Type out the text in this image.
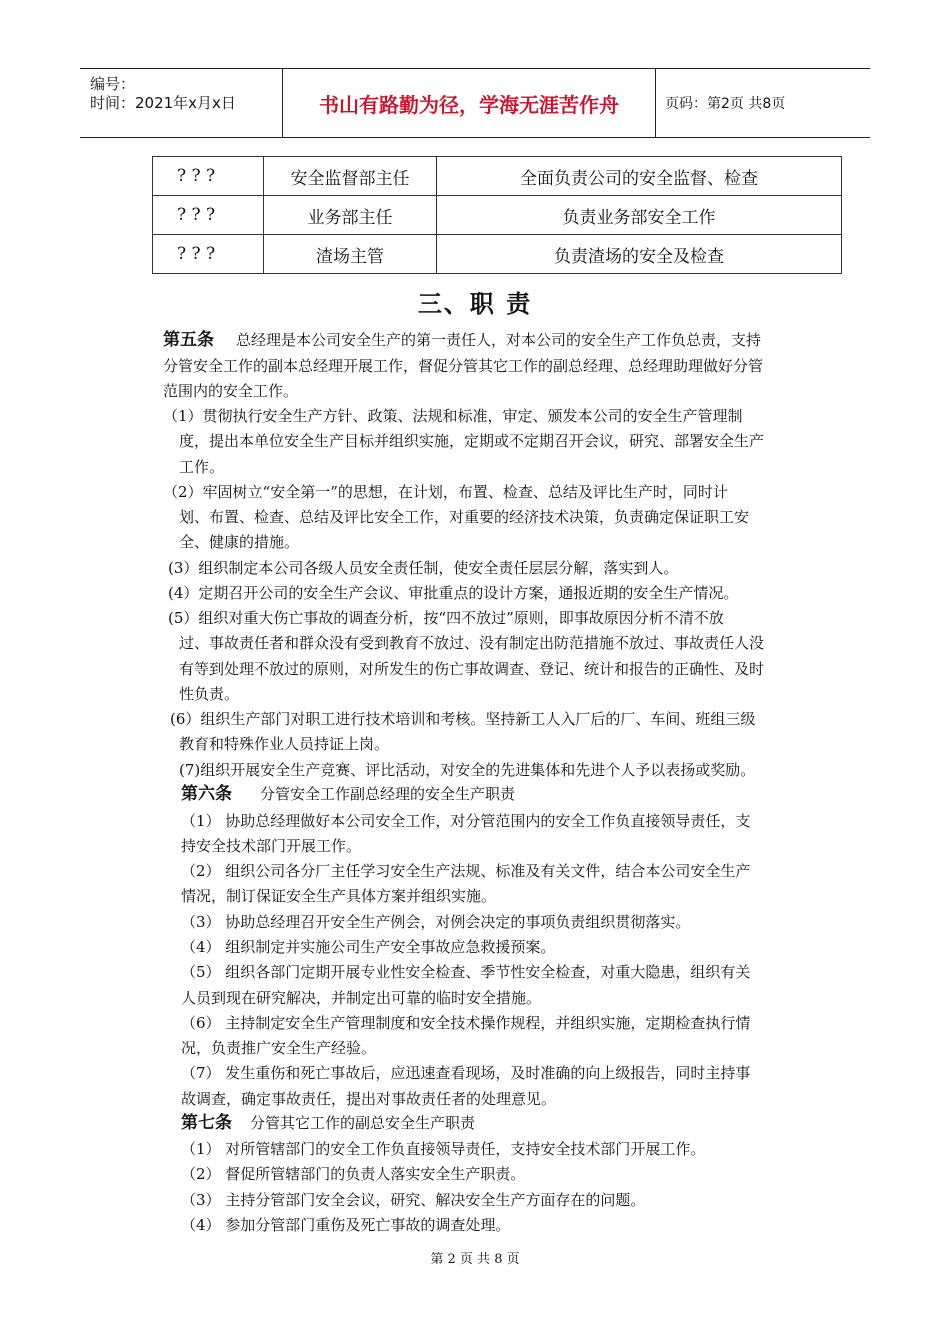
编号：
时间：2021年x月x日	书山有路勤为径，学海无涯苦作舟	页码：第2页 共8页
? ? ?	安全监督部主任	全面负责公司的安全监督、检查
? ? ?	业务部主任	负责业务部安全工作
? ? ?	渣场主管	负责渣场的安全及检查
三、职 责
第五条 总经理是本公司安全生产的第一责任人，对本公司的安全生产工作负总责，支持
分管安全工作的副本总经理开展工作，督促分管其它工作的副总经理、总经理助理做好分管
范围内的安全工作。
（1）贯彻执行安全生产方针、政策、法规和标准，审定、颁发本公司的安全生产管理制
度，提出本单位安全生产目标并组织实施，定期或不定期召开会议，研究、部署安全生产
工作。
（2）牢固树立“安全第一”的思想，在计划，布置、检查、总结及评比生产时，同时计
划、布置、检查、总结及评比安全工作，对重要的经济技术决策，负责确定保证职工安
全、健康的措施。
(3）组织制定本公司各级人员安全责任制，使安全责任层层分解，落实到人。
(4）定期召开公司的安全生产会议、审批重点的设计方案，通报近期的安全生产情况。
(5）组织对重大伤亡事故的调查分析，按“四不放过”原则，即事故原因分析不清不放
过、事故责任者和群众没有受到教育不放过、没有制定出防范措施不放过、事故责任人没
有等到处理不放过的原则，对所发生的伤亡事故调查、登记、统计和报告的正确性、及时
性负责。
(6）组织生产部门对职工进行技术培训和考核。坚持新工人入厂后的厂、车间、班组三级
教育和特殊作业人员持证上岗。
(7)组织开展安全生产竞赛、评比活动，对安全的先进集体和先进个人予以表扬或奖励。
第六条 分管安全工作副总经理的安全生产职责
（1） 协助总经理做好本公司安全工作，对分管范围内的安全工作负直接领导责任，支
持安全技术部门开展工作。
（2） 组织公司各分厂主任学习安全生产法规、标准及有关文件，结合本公司安全生产
情况，制订保证安全生产具体方案并组织实施。
（3） 协助总经理召开安全生产例会，对例会决定的事项负责组织贯彻落实。
（4） 组织制定并实施公司生产安全事故应急救援预案。
（5） 组织各部门定期开展专业性安全检查、季节性安全检查，对重大隐患，组织有关
人员到现在研究解决，并制定出可靠的临时安全措施。
（6） 主持制定安全生产管理制度和安全技术操作规程，并组织实施，定期检查执行情
况，负责推广安全生产经验。
（7） 发生重伤和死亡事故后，应迅速查看现场，及时准确的向上级报告，同时主持事
故调查，确定事故责任，提出对事故责任者的处理意见。
第七条 分管其它工作的副总安全生产职责
（1） 对所管辖部门的安全工作负直接领导责任，支持安全技术部门开展工作。
（2） 督促所管辖部门的负责人落实安全生产职责。
（3） 主持分管部门安全会议，研究、解决安全生产方面存在的问题。
（4） 参加分管部门重伤及死亡事故的调查处理。
第 2 页 共 8 页
